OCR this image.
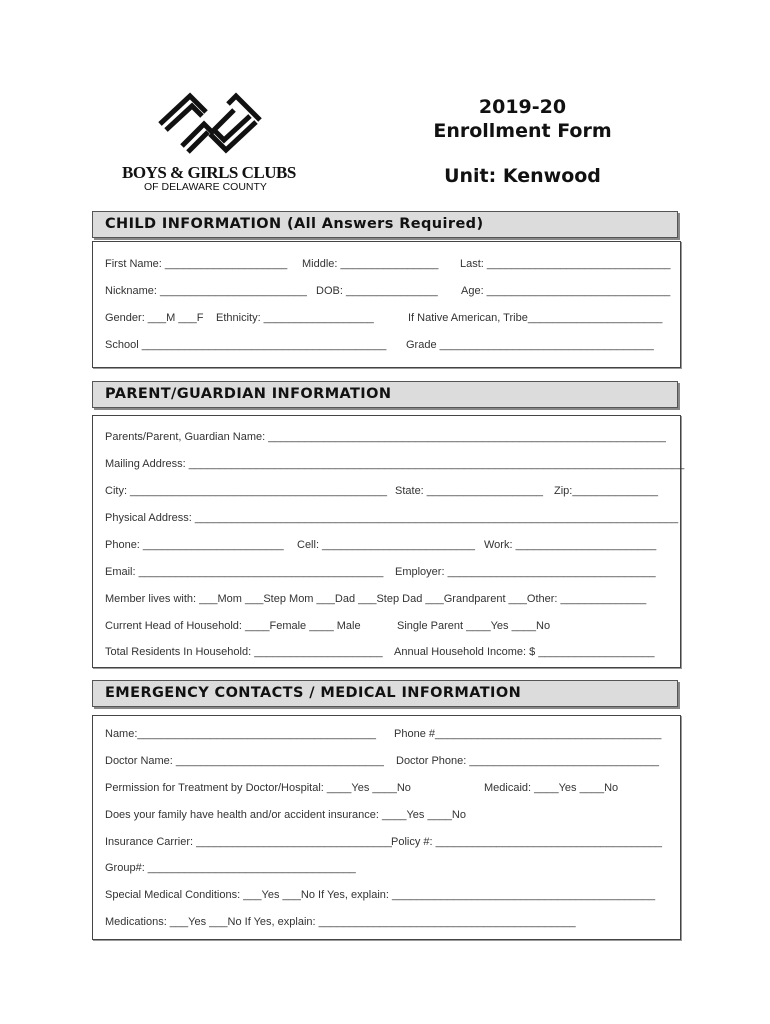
BOYS & GIRLS CLUBS
OF DELAWARE COUNTY
2019-20
Enrollment Form
Unit: Kenwood
CHILD INFORMATION (All Answers Required)
First Name: ____________________ Middle: ________________ Last: ______________________________
Nickname: ________________________ DOB: _______________ Age: ______________________________
Gender: ___M ___F Ethnicity: __________________	If Native American, Tribe______________________
School ________________________________________ Grade ___________________________________
PARENT/GUARDIAN INFORMATION
Parents/Parent, Guardian Name: _________________________________________________________________
Mailing Address: _________________________________________________________________________________
City: __________________________________________ State: ___________________ Zip:______________
Physical Address: _______________________________________________________________________________
Phone: _______________________ Cell: _________________________ Work: _______________________
Email: ________________________________________ Employer: __________________________________
Member lives with: ___Mom ___Step Mom ___Dad ___Step Dad ___Grandparent ___Other: ______________
Current Head of Household: ____Female ____ Male	Single Parent ____Yes ____No
Total Residents In Household: _____________________ Annual Household Income: $ ___________________
EMERGENCY CONTACTS / MEDICAL INFORMATION
Name:_______________________________________ Phone #_____________________________________
Doctor Name: __________________________________ Doctor Phone: _______________________________
Permission for Treatment by Doctor/Hospital: ____Yes ____No	Medicaid: ____Yes ____No
Does your family have health and/or accident insurance: ____Yes ____No
Insurance Carrier: ________________________________ Policy #: _____________________________________
Group#: __________________________________
Special Medical Conditions: ___Yes ___No If Yes, explain: ___________________________________________
Medications: ___Yes ___No If Yes, explain: __________________________________________
